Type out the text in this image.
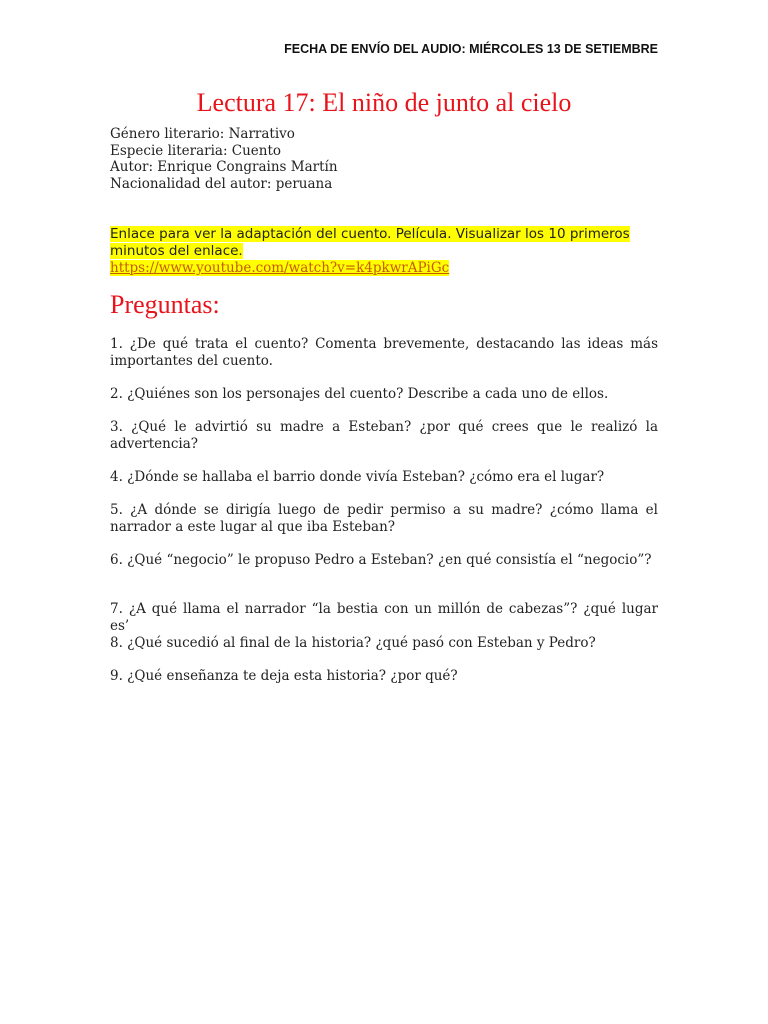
FECHA DE ENVÍO DEL AUDIO: MIÉRCOLES 13 DE SETIEMBRE
Lectura 17: El niño de junto al cielo
Género literario: Narrativo
Especie literaria: Cuento
Autor: Enrique Congrains Martín
Nacionalidad del autor: peruana
Enlace para ver la adaptación del cuento. Película. Visualizar los 10 primeros minutos del enlace.
https://www.youtube.com/watch?v=k4pkwrAPiGc
Preguntas:
1. ¿De qué trata el cuento? Comenta brevemente, destacando las ideas más importantes del cuento.
2. ¿Quiénes son los personajes del cuento? Describe a cada uno de ellos.
3. ¿Qué le advirtió su madre a Esteban? ¿por qué crees que le realizó la advertencia?
4. ¿Dónde se hallaba el barrio donde vivía Esteban? ¿cómo era el lugar?
5. ¿A dónde se dirigía luego de pedir permiso a su madre? ¿cómo llama el narrador a este lugar al que iba Esteban?
6. ¿Qué “negocio” le propuso Pedro a Esteban? ¿en qué consistía el “negocio”?
7. ¿A qué llama el narrador “la bestia con un millón de cabezas”? ¿qué lugar es’
8. ¿Qué sucedió al final de la historia? ¿qué pasó con Esteban y Pedro?
9. ¿Qué enseñanza te deja esta historia? ¿por qué?
